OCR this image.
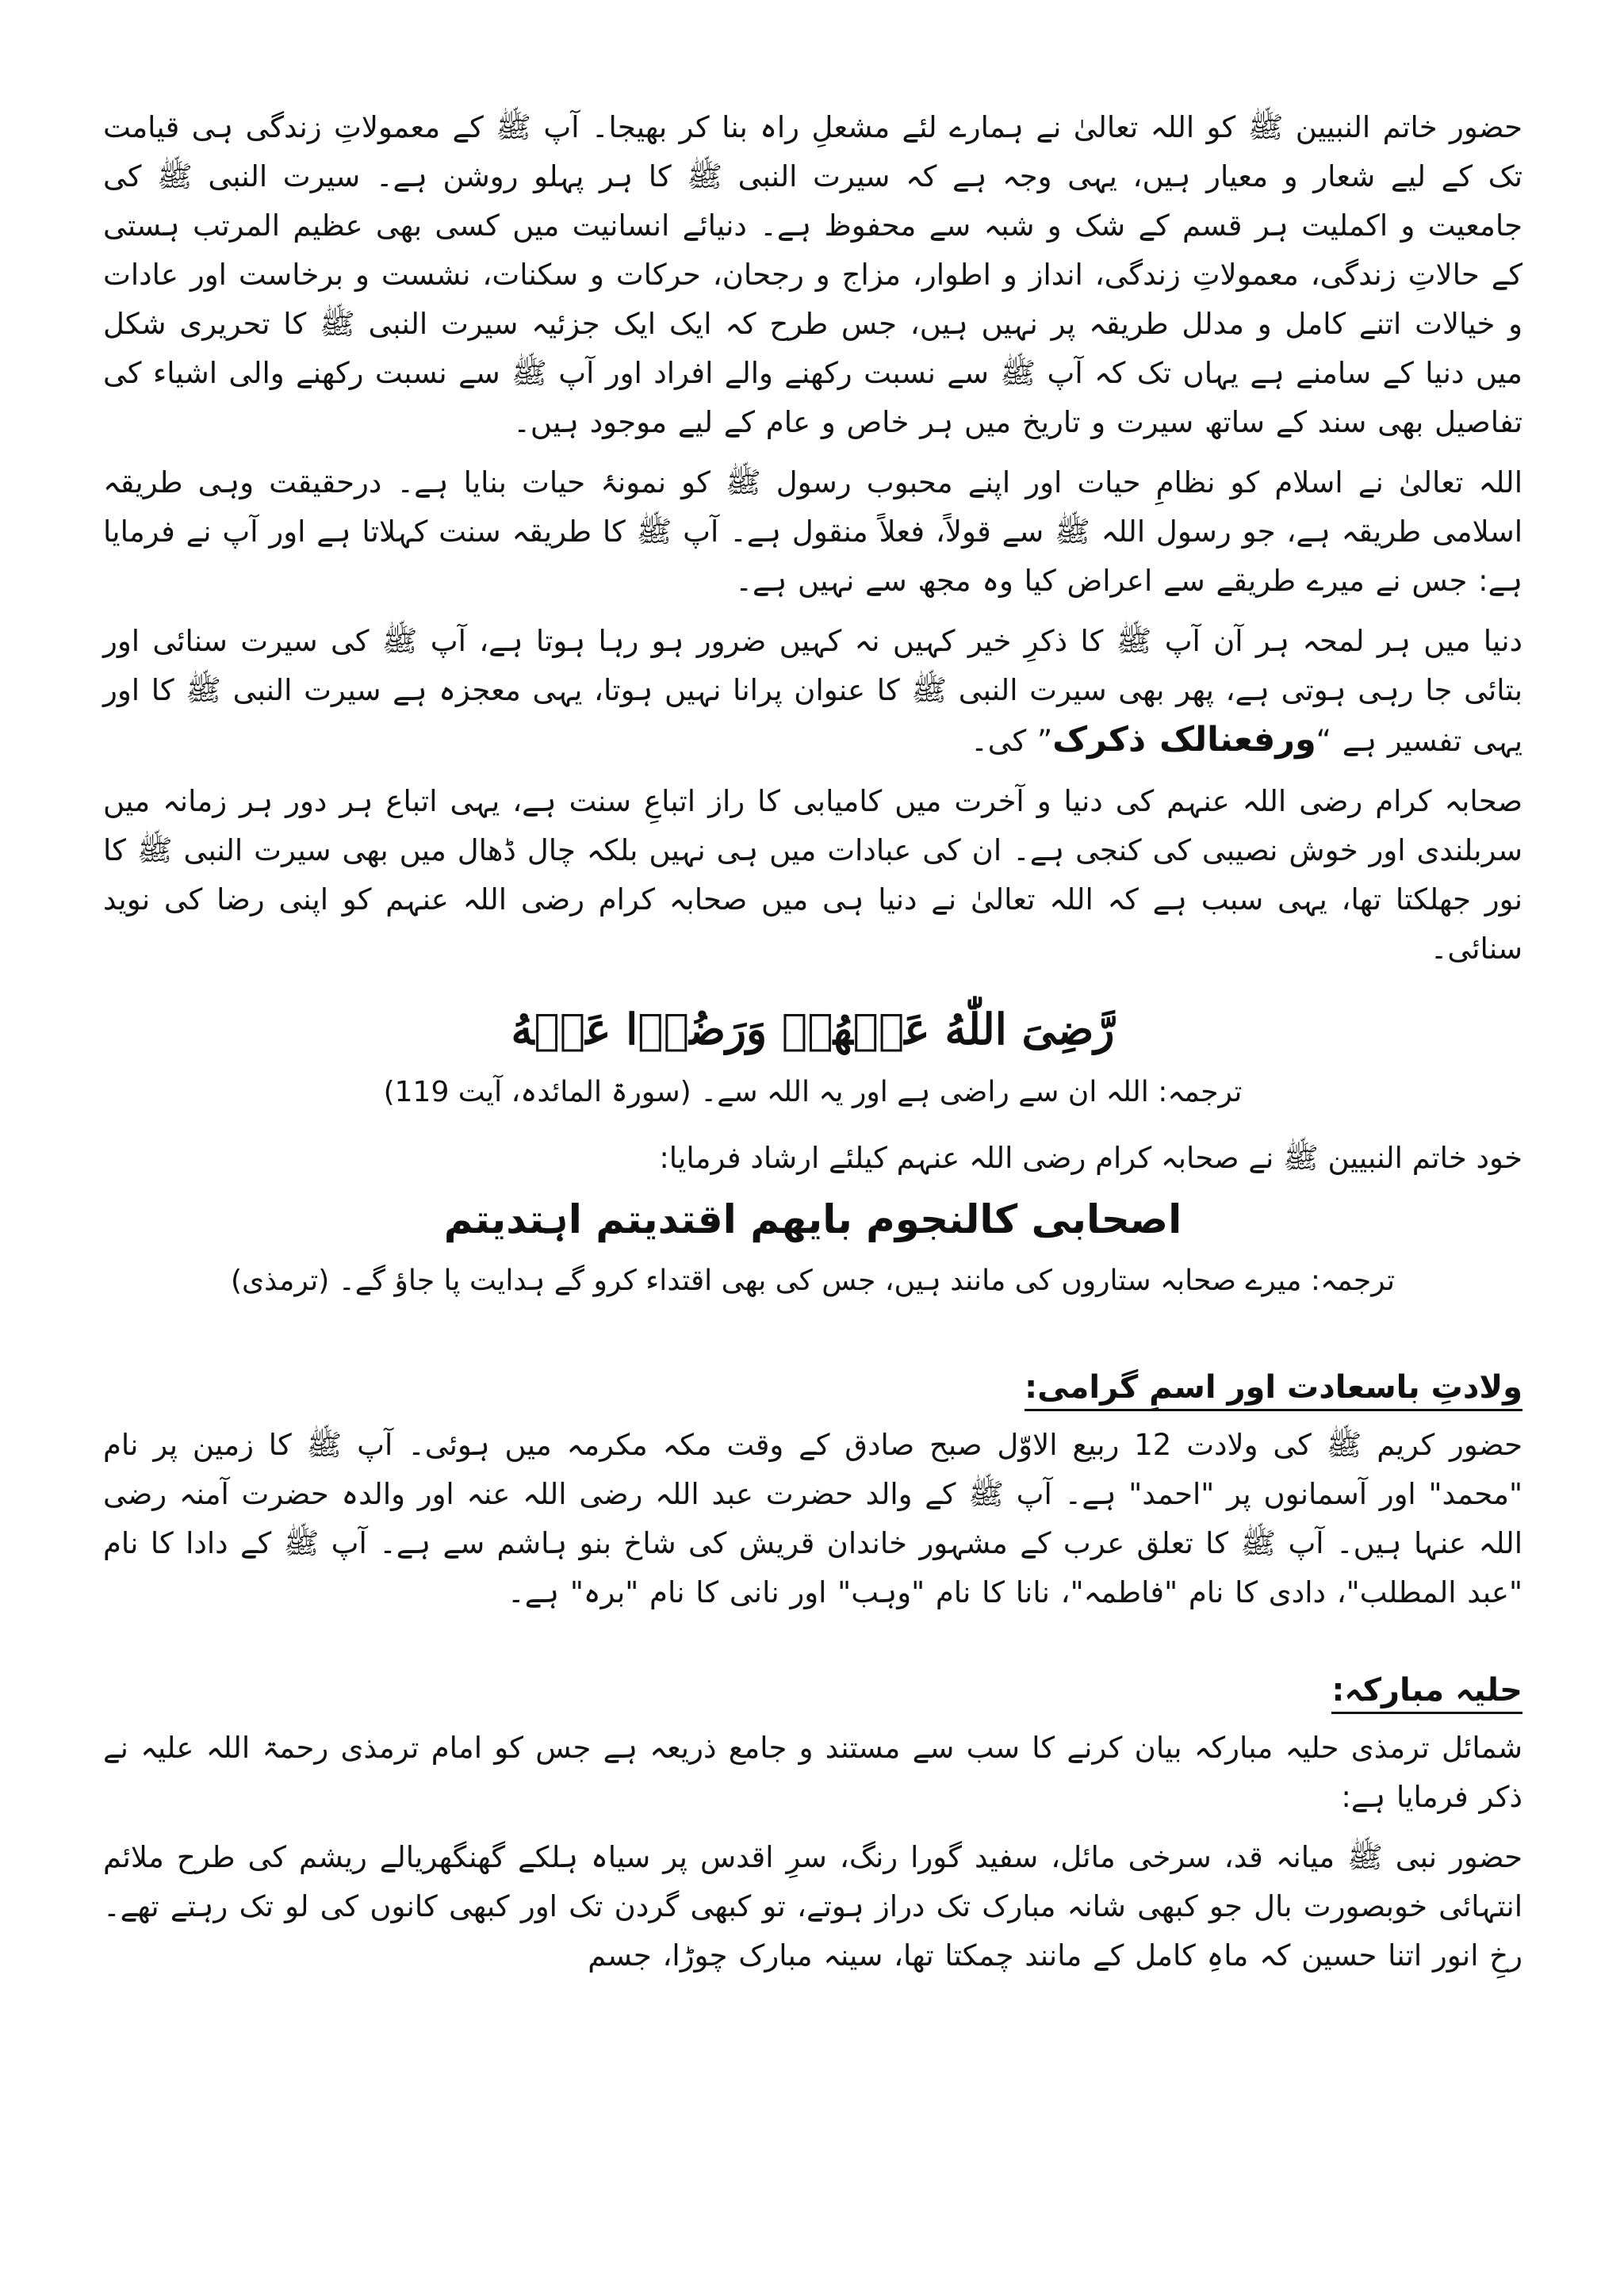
حضور خاتم النبیین ﷺ کو اللہ تعالیٰ نے ہمارے لئے مشعلِ راہ بنا کر بھیجا۔ آپ ﷺ کے معمولاتِ زندگی ہی قیامت تک کے لیے شعار و معیار ہیں، یہی وجہ ہے کہ سیرت النبی ﷺ کا ہر پہلو روشن ہے۔ سیرت النبی ﷺ کی جامعیت و اکملیت ہر قسم کے شک و شبہ سے محفوظ ہے۔ دنیائے انسانیت میں کسی بھی عظیم المرتب ہستی کے حالاتِ زندگی، معمولاتِ زندگی، انداز و اطوار، مزاج و رجحان، حرکات و سکنات، نشست و برخاست اور عادات و خیالات اتنے کامل و مدلل طریقہ پر نہیں ہیں، جس طرح کہ ایک ایک جزئیہ سیرت النبی ﷺ کا تحریری شکل میں دنیا کے سامنے ہے یہاں تک کہ آپ ﷺ سے نسبت رکھنے والے افراد اور آپ ﷺ سے نسبت رکھنے والی اشیاء کی تفاصیل بھی سند کے ساتھ سیرت و تاریخ میں ہر خاص و عام کے لیے موجود ہیں۔

اللہ تعالیٰ نے اسلام کو نظامِ حیات اور اپنے محبوب رسول ﷺ کو نمونۂ حیات بنایا ہے۔ درحقیقت وہی طریقہ اسلامی طریقہ ہے، جو رسول اللہ ﷺ سے قولاً، فعلاً منقول ہے۔ آپ ﷺ کا طریقہ سنت کہلاتا ہے اور آپ نے فرمایا ہے: جس نے میرے طریقے سے اعراض کیا وہ مجھ سے نہیں ہے۔

دنیا میں ہر لمحہ ہر آن آپ ﷺ کا ذکرِ خیر کہیں نہ کہیں ضرور ہو رہا ہوتا ہے، آپ ﷺ کی سیرت سنائی اور بتائی جا رہی ہوتی ہے، پھر بھی سیرت النبی ﷺ کا عنوان پرانا نہیں ہوتا، یہی معجزہ ہے سیرت النبی ﷺ کا اور یہی تفسیر ہے “ورفعنالک ذکرک” کی۔

صحابہ کرام رضی اللہ عنہم کی دنیا و آخرت میں کامیابی کا راز اتباعِ سنت ہے، یہی اتباع ہر دور ہر زمانہ میں سربلندی اور خوش نصیبی کی کنجی ہے۔ ان کی عبادات میں ہی نہیں بلکہ چال ڈھال میں بھی سیرت النبی ﷺ کا نور جھلکتا تھا، یہی سبب ہے کہ اللہ تعالیٰ نے دنیا ہی میں صحابہ کرام رضی اللہ عنہم کو اپنی رضا کی نوید سنائی۔

رَّضِیَ اللّٰهُ عَنۡهُمۡ وَرَضُوۡا عَنۡهُ
ترجمہ: اللہ ان سے راضی ہے اور یہ اللہ سے۔ (سورۃ المائدہ، آیت 119)
خود خاتم النبیین ﷺ نے صحابہ کرام رضی اللہ عنہم کیلئے ارشاد فرمایا:
اصحابی کالنجوم بایهم اقتدیتم اہتدیتم
ترجمہ: میرے صحابہ ستاروں کی مانند ہیں، جس کی بھی اقتداء کرو گے ہدایت پا جاؤ گے۔ (ترمذی)
ولادتِ باسعادت اور اسمِ گرامی:

حضور کریم ﷺ کی ولادت 12 ربیع الاوّل صبح صادق کے وقت مکہ مکرمہ میں ہوئی۔ آپ ﷺ کا زمین پر نام "محمد" اور آسمانوں پر "احمد" ہے۔ آپ ﷺ کے والد حضرت عبد اللہ رضی اللہ عنہ اور والدہ حضرت آمنہ رضی اللہ عنہا ہیں۔ آپ ﷺ کا تعلق عرب کے مشہور خاندان قریش کی شاخ بنو ہاشم سے ہے۔ آپ ﷺ کے دادا کا نام "عبد المطلب"، دادی کا نام "فاطمہ"، نانا کا نام "وہب" اور نانی کا نام "برہ" ہے۔

حلیہ مبارکہ:

شمائل ترمذی حلیہ مبارکہ بیان کرنے کا سب سے مستند و جامع ذریعہ ہے جس کو امام ترمذی رحمۃ اللہ علیہ نے ذکر فرمایا ہے:

حضور نبی ﷺ میانہ قد، سرخی مائل، سفید گورا رنگ، سرِ اقدس پر سیاہ ہلکے گھنگھریالے ریشم کی طرح ملائم انتہائی خوبصورت بال جو کبھی شانہ مبارک تک دراز ہوتے، تو کبھی گردن تک اور کبھی کانوں کی لو تک رہتے تھے۔ رخِ انور اتنا حسین کہ ماہِ کامل کے مانند چمکتا تھا، سینہ مبارک چوڑا، جسم
